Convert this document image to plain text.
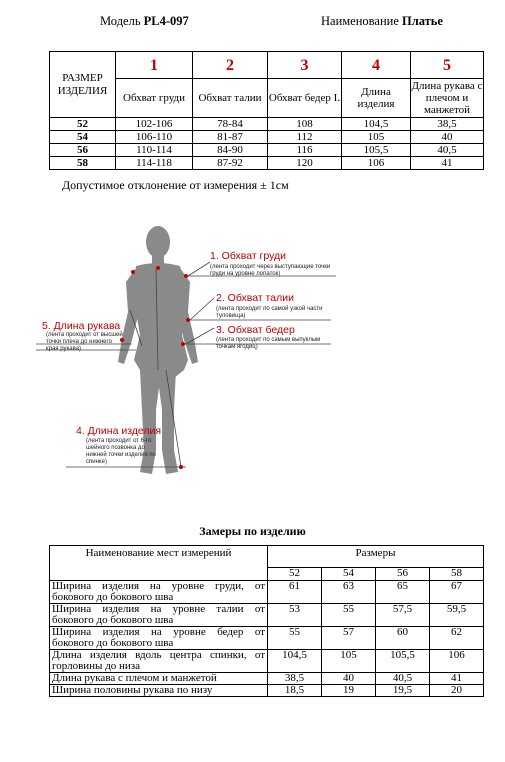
Модель PL4-097	Наименование Платье
РАЗМЕР ИЗДЕЛИЯ	1	2	3	4	5
	Обхват груди	Обхват талии	Обхват бедер I.	Длина изделия	Длина рукава с плечом и манжетой
52	102-106	78-84	108	104,5	38,5
54	106-110	81-87	112	105	40
56	110-114	84-90	116	105,5	40,5
58	114-118	87-92	120	106	41
Допустимое отклонение от измерения ± 1см
1. Обхват груди
(лента проходит через выступающие точки груди на уровне лопаток)
2. Обхват талии
(лента проходит по самой узкой части туловища)
3. Обхват бедер
(лента проходит по самым выпуклым точкам ягодиц)
5. Длина рукава
(лента проходит от высшей точки плеча до нижнего края рукава)
4. Длина изделия
(лента проходит от 6-го шейного позвонка до нижней точки изделия по спинке)
Замеры по изделию
Наименование мест измерений	Размеры			
	52	54	56	58
Ширина изделия на уровне груди, от бокового до бокового шва	61	63	65	67
Ширина изделия на уровне талии от бокового до бокового шва	53	55	57,5	59,5
Ширина изделия на уровне бедер от бокового до бокового шва	55	57	60	62
Длина изделия вдоль центра спинки, от горловины до низа	104,5	105	105,5	106
Длина рукава с плечом и манжетой	38,5	40	40,5	41
Ширина половины рукава по низу	18,5	19	19,5	20
